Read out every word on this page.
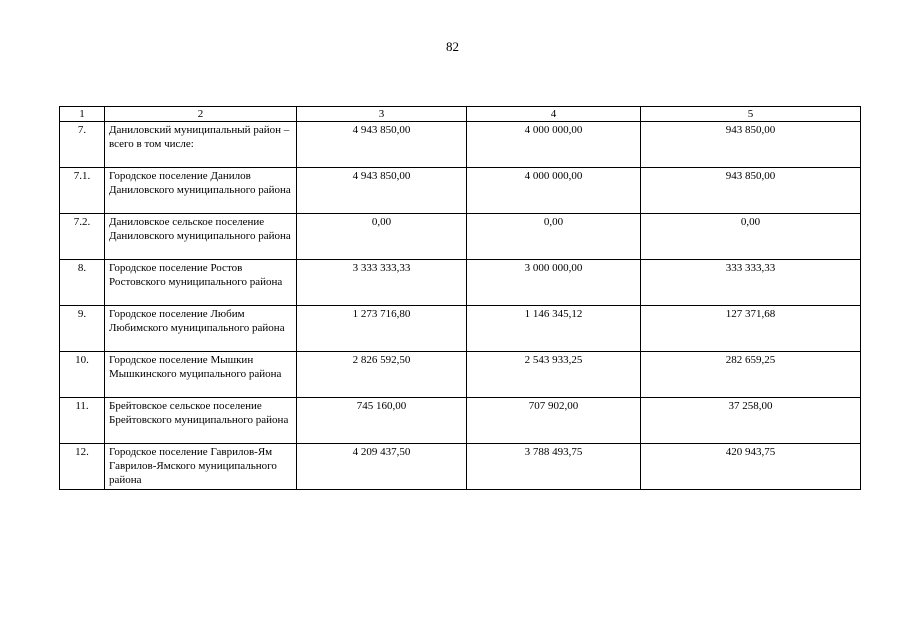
82
1	2	3	4	5
7.	Даниловский муниципальный район – всего в том числе:	4 943 850,00	4 000 000,00	943 850,00
7.1.	Городское поселение Данилов Даниловского муниципального района	4 943 850,00	4 000 000,00	943 850,00
7.2.	Даниловское сельское поселение Даниловского муниципального района	0,00	0,00	0,00
8.	Городское поселение Ростов Ростовского муниципального района	3 333 333,33	3 000 000,00	333 333,33
9.	Городское поселение Любим Любимского муниципального района	1 273 716,80	1 146 345,12	127 371,68
10.	Городское поселение Мышкин Мышкинского муципального района	2 826 592,50	2 543 933,25	282 659,25
11.	Брейтовское сельское поселение Брейтовского муниципального района	745 160,00	707 902,00	37 258,00
12.	Городское поселение Гаврилов-Ям Гаврилов-Ямского муниципального района	4 209 437,50	3 788 493,75	420 943,75
